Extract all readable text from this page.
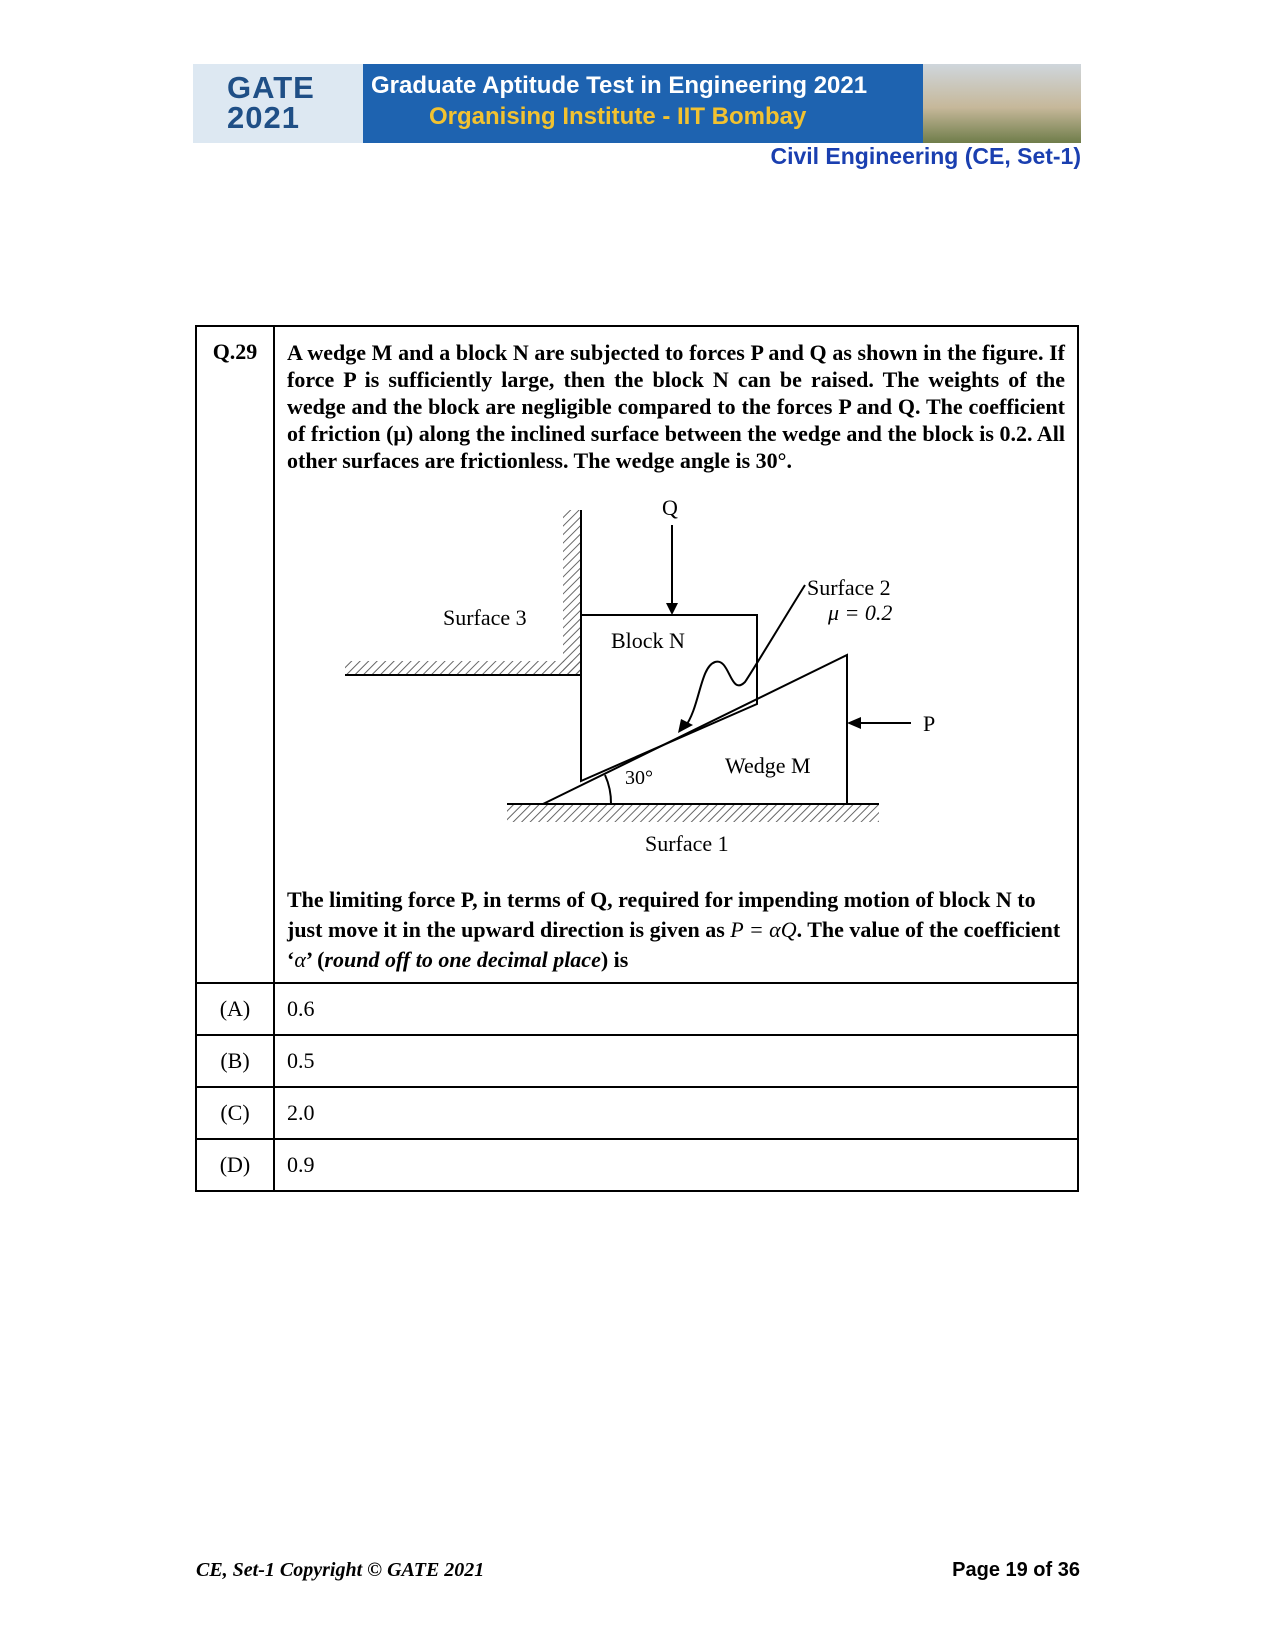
GATE
2021
Graduate Aptitude Test in Engineering 2021
Organising Institute - IIT Bombay
Civil Engineering (CE, Set-1)
Q.29	A wedge M and a block N are subjected to forces P and Q as shown in the figure. If force P is sufficiently large, then the block N can be raised. The weights of the wedge and the block are negligible compared to the forces P and Q. The coefficient of friction (μ) along the inclined surface between the wedge and the block is 0.2. All other surfaces are frictionless. The wedge angle is 30°.
Q
P
Surface 3
Block N
Surface 2
μ = 0.2
Wedge M
30°
Surface 1
The limiting force P, in terms of Q, required for impending motion of block N to just move it in the upward direction is given as P = αQ. The value of the coefficient ‘α’ (round off to one decimal place) is
(A)	0.6
(B)	0.5
(C)	2.0
(D)	0.9
CE, Set-1 Copyright © GATE 2021	Page 19 of 36
